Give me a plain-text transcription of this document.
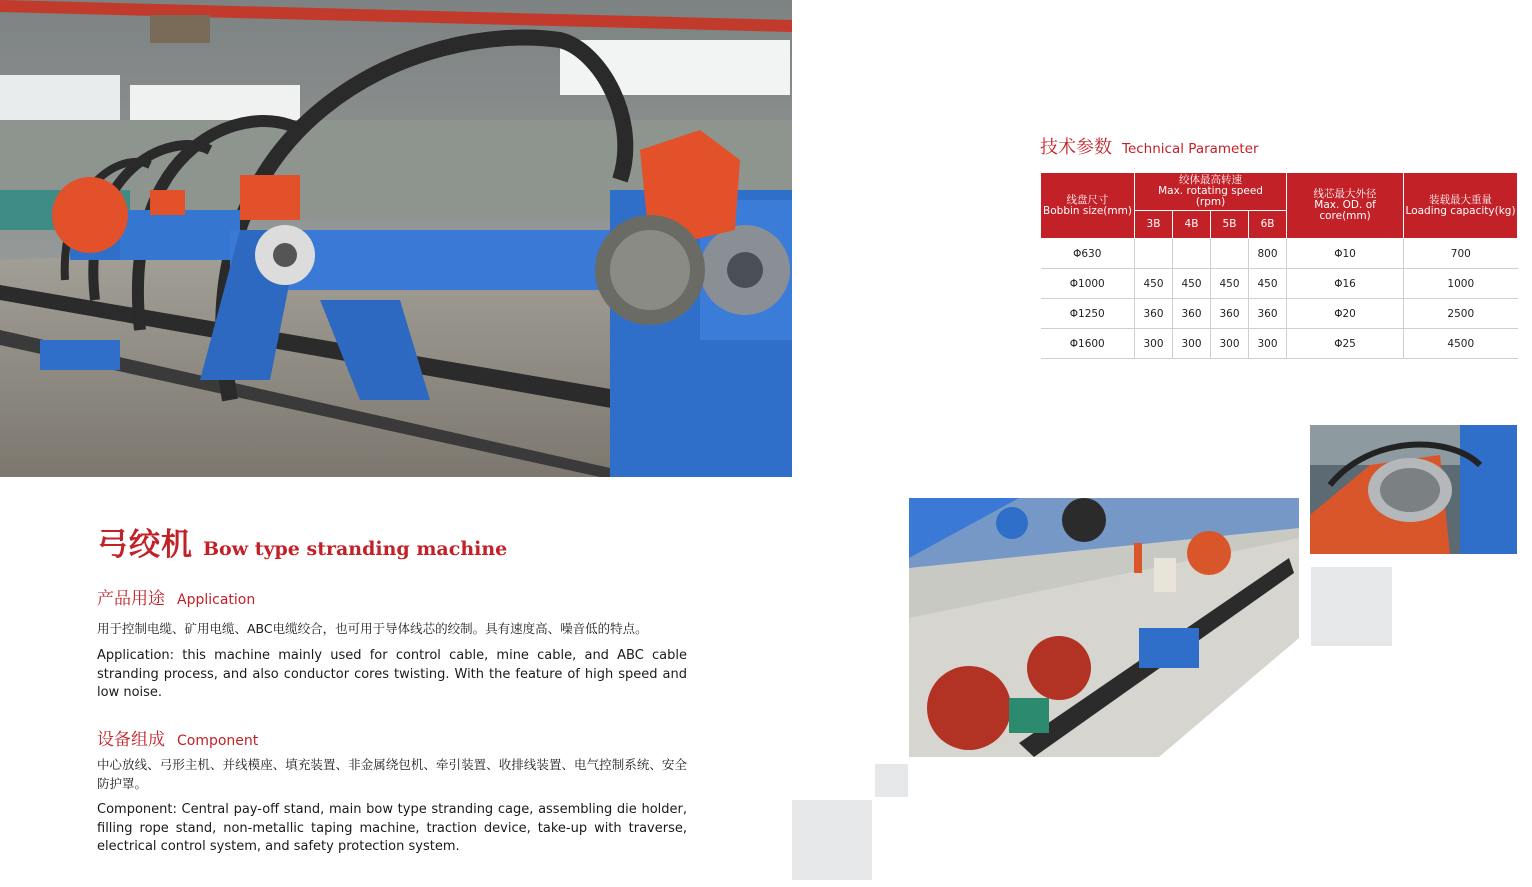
技术参数 Technical Parameter
线盘尺寸
Bobbin size(mm)	绞体最高转速
Max. rotating speed
(rpm)				线芯最大外径
Max. OD. of core(mm)	装载最大重量
Loading capacity(kg)
	3B	4B	5B	6B		
Φ630				800	Φ10	700
Φ1000	450	450	450	450	Φ16	1000
Φ1250	360	360	360	360	Φ20	2500
Φ1600	300	300	300	300	Φ25	4500
弓绞机 Bow type stranding machine
产品用途 Application
用于控制电缆、矿用电缆、ABC电缆绞合，也可用于导体线芯的绞制。具有速度高、噪音低的特点。
Application: this machine mainly used for control cable, mine cable, and ABC cable stranding process, and also conductor cores twisting. With the feature of high speed and low noise.
设备组成 Component
中心放线、弓形主机、并线模座、填充装置、非金属绕包机、牵引装置、收排线装置、电气控制系统、安全防护罩。
Component: Central pay-off stand, main bow type stranding cage, assembling die holder, filling rope stand, non-metallic taping machine, traction device, take-up with traverse, electrical control system, and safety protection system.
